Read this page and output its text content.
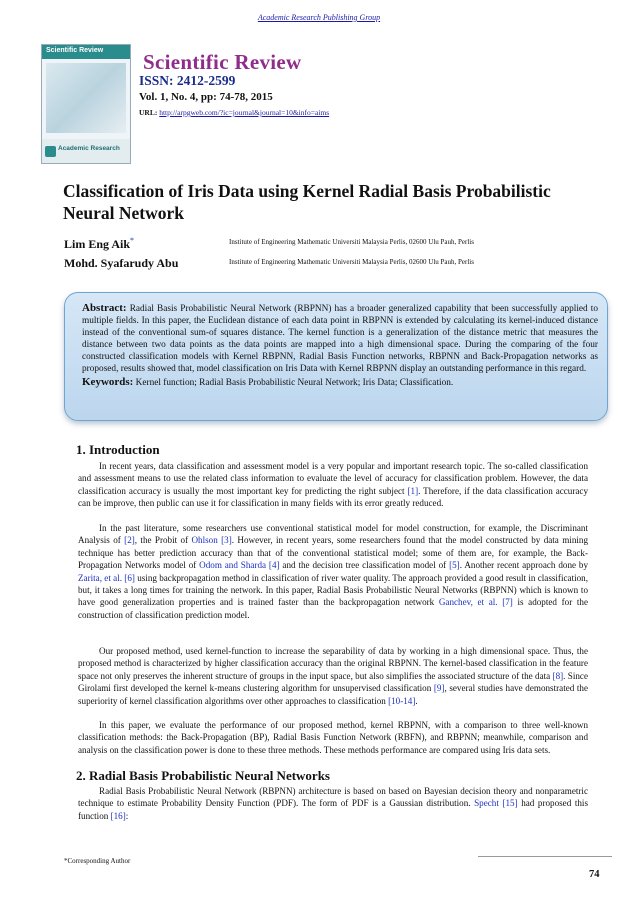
Academic Research Publishing Group
Scientific Review
Academic Research
Scientific Review
ISSN: 2412-2599
Vol. 1, No. 4, pp: 74-78, 2015
URL: http://arpgweb.com/?ic=journal&journal=10&info=aims
Classification of Iris Data using Kernel Radial Basis Probabilistic Neural Network
Lim Eng Aik*	Institute of Engineering Mathematic Universiti Malaysia Perlis, 02600 Ulu Pauh, Perlis
Mohd. Syafarudy Abu	Institute of Engineering Mathematic Universiti Malaysia Perlis, 02600 Ulu Pauh, Perlis
Abstract: Radial Basis Probabilistic Neural Network (RBPNN) has a broader generalized capability that been successfully applied to multiple fields. In this paper, the Euclidean distance of each data point in RBPNN is extended by calculating its kernel-induced distance instead of the conventional sum-of squares distance. The kernel function is a generalization of the distance metric that measures the distance between two data points as the data points are mapped into a high dimensional space. During the comparing of the four constructed classification models with Kernel RBPNN, Radial Basis Function networks, RBPNN and Back-Propagation networks as proposed, results showed that, model classification on Iris Data with Kernel RBPNN display an outstanding performance in this regard.
Keywords: Kernel function; Radial Basis Probabilistic Neural Network; Iris Data; Classification.
1. Introduction

In recent years, data classification and assessment model is a very popular and important research topic. The so-called classification and assessment means to use the related class information to evaluate the level of accuracy for classification problem. However, the data classification accuracy is usually the most important key for predicting the right subject [1]. Therefore, if the data classification accuracy can be improve, then public can use it for classification in many fields with its error greatly reduced.

In the past literature, some researchers use conventional statistical model for model construction, for example, the Discriminant Analysis of [2], the Probit of Ohlson [3]. However, in recent years, some researchers found that the model constructed by data mining technique has better prediction accuracy than that of the conventional statistical model; some of them are, for example, the Back-Propagation Networks model of Odom and Sharda [4] and the decision tree classification model of [5]. Another recent approach done by Zarita, et al. [6] using backpropagation method in classification of river water quality. The approach provided a good result in classification, but, it takes a long times for training the network. In this paper, Radial Basis Probabilistic Neural Networks (RBPNN) which is known to have good generalization properties and is trained faster than the backpropagation network Ganchev, et al. [7] is adopted for the construction of classification prediction model.

Our proposed method, used kernel-function to increase the separability of data by working in a high dimensional space. Thus, the proposed method is characterized by higher classification accuracy than the original RBPNN. The kernel-based classification in the feature space not only preserves the inherent structure of groups in the input space, but also simplifies the associated structure of the data [8]. Since Girolami first developed the kernel k-means clustering algorithm for unsupervised classification [9], several studies have demonstrated the superiority of kernel classification algorithms over other approaches to classification [10-14].

In this paper, we evaluate the performance of our proposed method, kernel RBPNN, with a comparison to three well-known classification methods: the Back-Propagation (BP), Radial Basis Function Network (RBFN), and RBPNN; meanwhile, comparison and analysis on the classification power is done to these three methods. These methods performance are compared using Iris data sets.

2. Radial Basis Probabilistic Neural Networks

Radial Basis Probabilistic Neural Network (RBPNN) architecture is based on based on Bayesian decision theory and nonparametric technique to estimate Probability Density Function (PDF). The form of PDF is a Gaussian distribution. Specht [15] had proposed this function [16]:

*Corresponding Author
74
